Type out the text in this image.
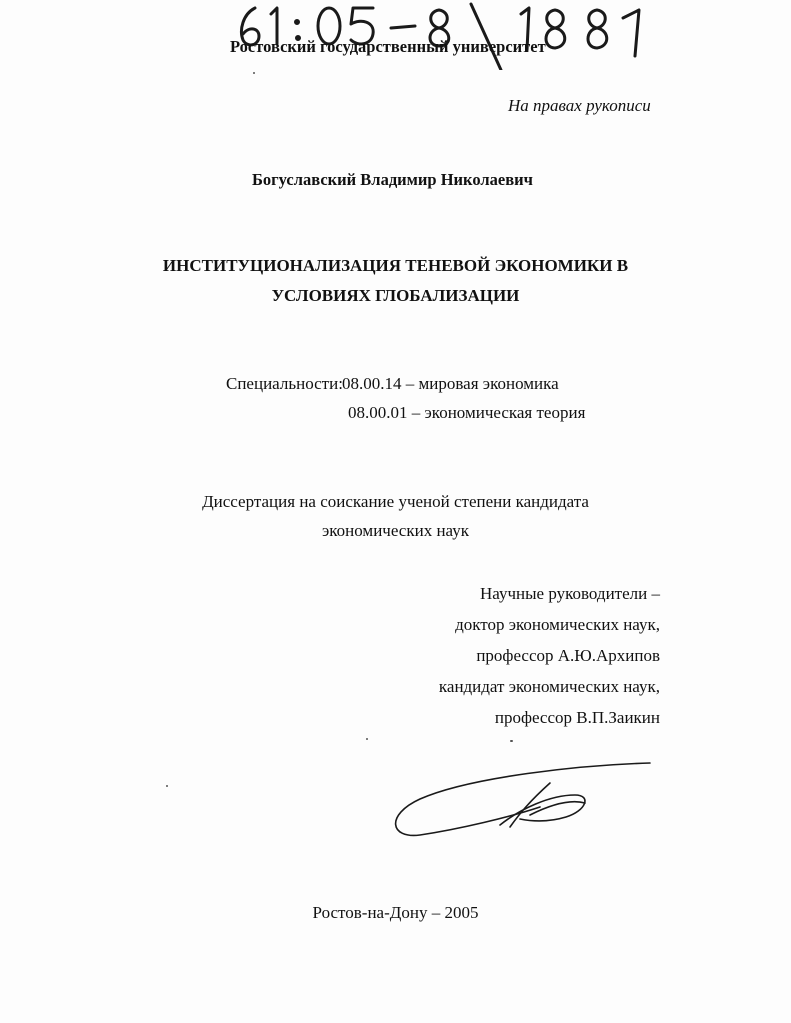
Ростовский государственный университет
На правах рукописи
Богуславский Владимир Николаевич
ИНСТИТУЦИОНАЛИЗАЦИЯ ТЕНЕВОЙ ЭКОНОМИКИ В
УСЛОВИЯХ ГЛОБАЛИЗАЦИИ
Специальности: 08.00.14 – мировая экономика
08.00.01 – экономическая теория
Диссертация на соискание ученой степени кандидата
экономических наук
Научные руководители –
доктор экономических наук,
профессор А.Ю.Архипов
кандидат экономических наук,
профессор В.П.Заикин
Ростов-на-Дону – 2005
